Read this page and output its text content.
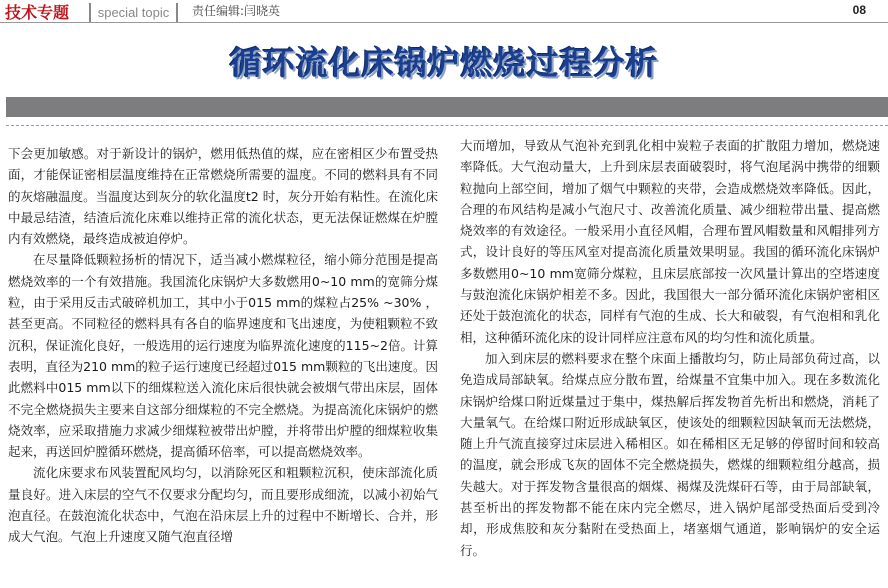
技术专题	special topic	责任编辑:闫晓英	08
循环流化床锅炉燃烧过程分析

下会更加敏感。对于新设计的锅炉，燃用低热值的煤，应在密相区少布置受热面，才能保证密相层温度维持在正常燃烧所需要的温度。不同的燃料具有不同的灰熔融温度。当温度达到灰分的软化温度t2 时，灰分开始有粘性。在流化床中最忌结渣，结渣后流化床难以维持正常的流化状态，更无法保证燃煤在炉膛内有效燃烧，最终造成被迫停炉。

在尽量降低颗粒扬析的情况下，适当减小燃煤粒径，缩小筛分范围是提高燃烧效率的一个有效措施。我国流化床锅炉大多数燃用0~10 mm的宽筛分煤粒，由于采用反击式破碎机加工，其中小于015 mm的煤粒占25% ~30% ，甚至更高。不同粒径的燃料具有各自的临界速度和飞出速度，为使粗颗粒不致沉积，保证流化良好，一般选用的运行速度为临界流化速度的115~2倍。计算表明，直径为210 mm的粒子运行速度已经超过015 mm颗粒的飞出速度。因此燃料中015 mm以下的细煤粒送入流化床后很快就会被烟气带出床层，固体不完全燃烧损失主要来自这部分细煤粒的不完全燃烧。为提高流化床锅炉的燃烧效率，应采取措施力求减少细煤粒被带出炉膛，并将带出炉膛的细煤粒收集起来，再送回炉膛循环燃烧，提高循环倍率，可以提高燃烧效率。

流化床要求布风装置配风均匀，以消除死区和粗颗粒沉积，使床部流化质量良好。进入床层的空气不仅要求分配均匀，而且要形成细流，以减小初始气泡直径。在鼓泡流化状态中，气泡在沿床层上升的过程中不断增长、合并，形成大气泡。气泡上升速度又随气泡直径增

大而增加，导致从气泡补充到乳化相中炭粒子表面的扩散阻力增加，燃烧速率降低。大气泡动量大，上升到床层表面破裂时，将气泡尾涡中携带的细颗粒抛向上部空间，增加了烟气中颗粒的夹带，会造成燃烧效率降低。因此，合理的布风结构是减小气泡尺寸、改善流化质量、减少细粒带出量、提高燃烧效率的有效途径。一般采用小直径风帽，合理布置风帽数量和风帽排列方式，设计良好的等压风室对提高流化质量效果明显。我国的循环流化床锅炉多数燃用0~10 mm宽筛分煤粒，且床层底部按一次风量计算出的空塔速度与鼓泡流化床锅炉相差不多。因此，我国很大一部分循环流化床锅炉密相区还处于鼓泡流化的状态，同样有气泡的生成、长大和破裂，有气泡相和乳化相，这种循环流化床的设计同样应注意布风的均匀性和流化质量。

加入到床层的燃料要求在整个床面上播散均匀，防止局部负荷过高，以免造成局部缺氧。给煤点应分散布置，给煤量不宜集中加入。现在多数流化床锅炉给煤口附近煤量过于集中，煤热解后挥发物首先析出和燃烧，消耗了大量氧气。在给煤口附近形成缺氧区，使该处的细颗粒因缺氧而无法燃烧，随上升气流直接穿过床层进入稀相区。如在稀相区无足够的停留时间和较高的温度，就会形成飞灰的固体不完全燃烧损失，燃煤的细颗粒组分越高，损失越大。对于挥发物含量很高的烟煤、褐煤及洗煤矸石等，由于局部缺氧，甚至析出的挥发物都不能在床内完全燃尽，进入锅炉尾部受热面后受到冷却，形成焦胶和灰分黏附在受热面上，堵塞烟气通道，影响锅炉的安全运行。
